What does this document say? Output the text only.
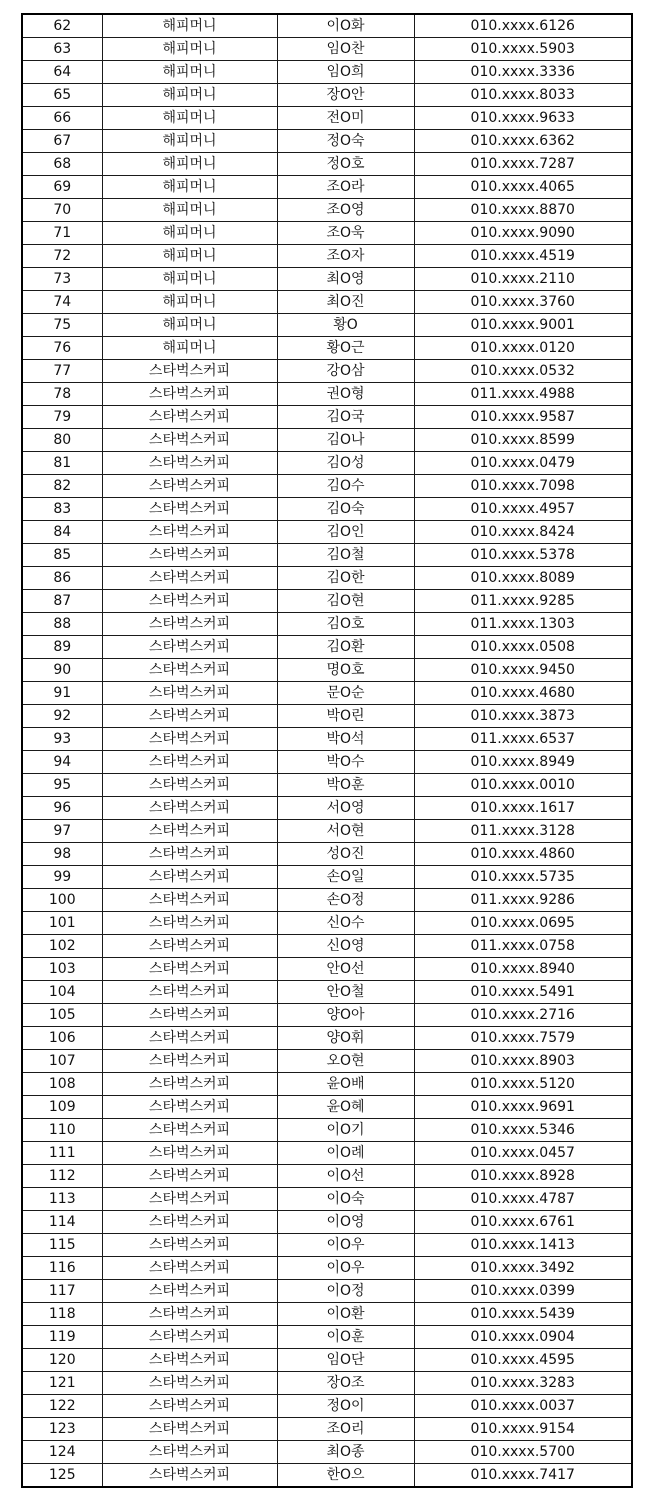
62	해피머니	이O화	010.xxxx.6126
63	해피머니	임O찬	010.xxxx.5903
64	해피머니	임O희	010.xxxx.3336
65	해피머니	장O안	010.xxxx.8033
66	해피머니	전O미	010.xxxx.9633
67	해피머니	정O숙	010.xxxx.6362
68	해피머니	정O호	010.xxxx.7287
69	해피머니	조O라	010.xxxx.4065
70	해피머니	조O영	010.xxxx.8870
71	해피머니	조O욱	010.xxxx.9090
72	해피머니	조O자	010.xxxx.4519
73	해피머니	최O영	010.xxxx.2110
74	해피머니	최O진	010.xxxx.3760
75	해피머니	황O	010.xxxx.9001
76	해피머니	황O근	010.xxxx.0120
77	스타벅스커피	강O삼	010.xxxx.0532
78	스타벅스커피	권O형	011.xxxx.4988
79	스타벅스커피	김O국	010.xxxx.9587
80	스타벅스커피	김O나	010.xxxx.8599
81	스타벅스커피	김O성	010.xxxx.0479
82	스타벅스커피	김O수	010.xxxx.7098
83	스타벅스커피	김O숙	010.xxxx.4957
84	스타벅스커피	김O인	010.xxxx.8424
85	스타벅스커피	김O철	010.xxxx.5378
86	스타벅스커피	김O한	010.xxxx.8089
87	스타벅스커피	김O현	011.xxxx.9285
88	스타벅스커피	김O호	011.xxxx.1303
89	스타벅스커피	김O환	010.xxxx.0508
90	스타벅스커피	명O호	010.xxxx.9450
91	스타벅스커피	문O순	010.xxxx.4680
92	스타벅스커피	박O린	010.xxxx.3873
93	스타벅스커피	박O석	011.xxxx.6537
94	스타벅스커피	박O수	010.xxxx.8949
95	스타벅스커피	박O훈	010.xxxx.0010
96	스타벅스커피	서O영	010.xxxx.1617
97	스타벅스커피	서O현	011.xxxx.3128
98	스타벅스커피	성O진	010.xxxx.4860
99	스타벅스커피	손O일	010.xxxx.5735
100	스타벅스커피	손O정	011.xxxx.9286
101	스타벅스커피	신O수	010.xxxx.0695
102	스타벅스커피	신O영	011.xxxx.0758
103	스타벅스커피	안O선	010.xxxx.8940
104	스타벅스커피	안O철	010.xxxx.5491
105	스타벅스커피	양O아	010.xxxx.2716
106	스타벅스커피	양O휘	010.xxxx.7579
107	스타벅스커피	오O현	010.xxxx.8903
108	스타벅스커피	윤O배	010.xxxx.5120
109	스타벅스커피	윤O혜	010.xxxx.9691
110	스타벅스커피	이O기	010.xxxx.5346
111	스타벅스커피	이O례	010.xxxx.0457
112	스타벅스커피	이O선	010.xxxx.8928
113	스타벅스커피	이O숙	010.xxxx.4787
114	스타벅스커피	이O영	010.xxxx.6761
115	스타벅스커피	이O우	010.xxxx.1413
116	스타벅스커피	이O우	010.xxxx.3492
117	스타벅스커피	이O정	010.xxxx.0399
118	스타벅스커피	이O환	010.xxxx.5439
119	스타벅스커피	이O훈	010.xxxx.0904
120	스타벅스커피	임O단	010.xxxx.4595
121	스타벅스커피	장O조	010.xxxx.3283
122	스타벅스커피	정O이	010.xxxx.0037
123	스타벅스커피	조O리	010.xxxx.9154
124	스타벅스커피	최O종	010.xxxx.5700
125	스타벅스커피	한O으	010.xxxx.7417
